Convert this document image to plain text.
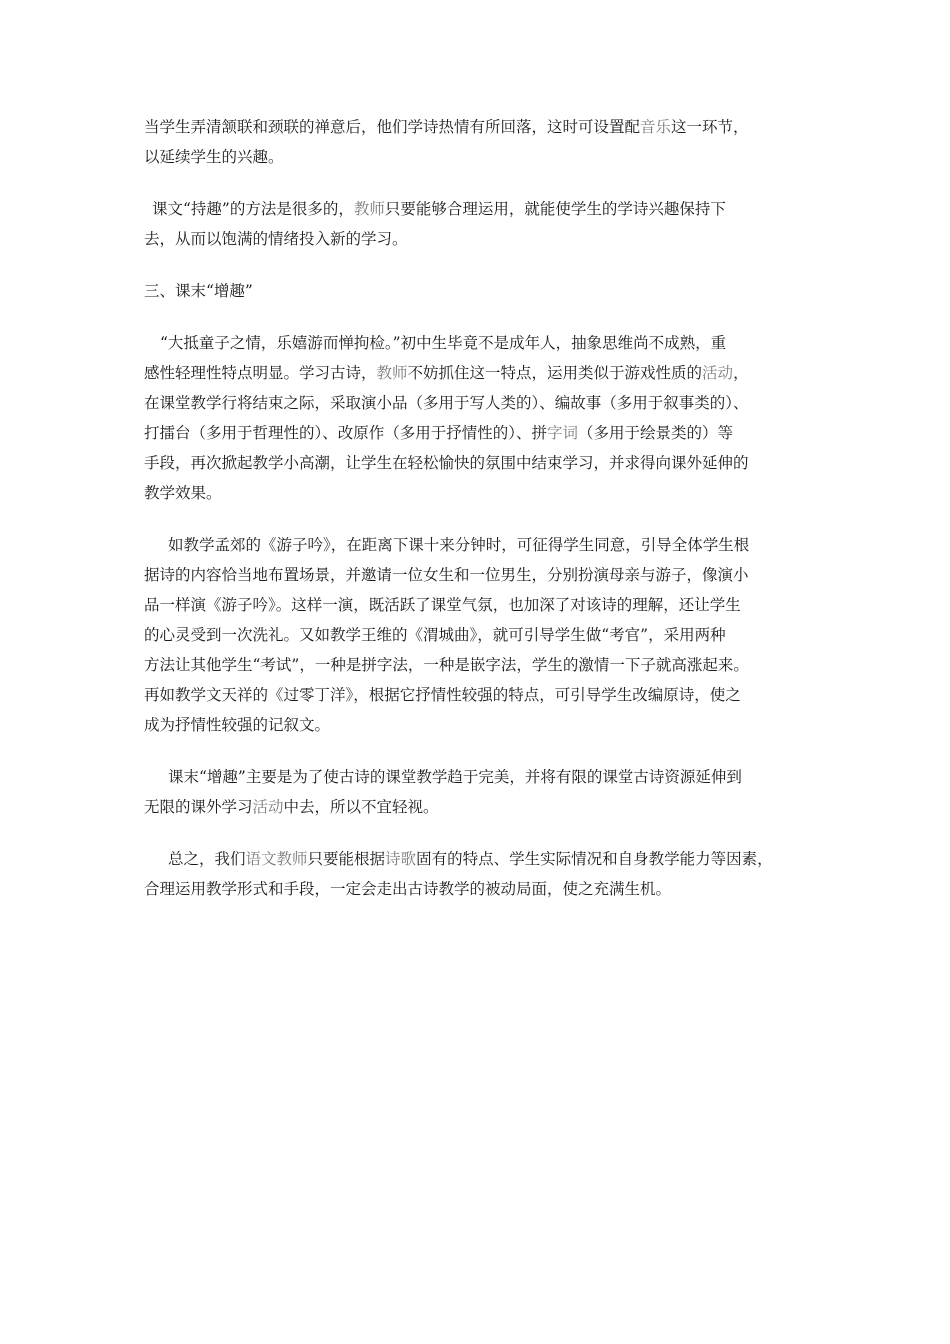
当学生弄清颔联和颈联的禅意后，他们学诗热情有所回落，这时可设置配音乐这一环节，
以延续学生的兴趣。
课文“持趣”的方法是很多的，教师只要能够合理运用，就能使学生的学诗兴趣保持下
去，从而以饱满的情绪投入新的学习。
三、课末“增趣”
“大抵童子之情，乐嬉游而惮拘检。”初中生毕竟不是成年人，抽象思维尚不成熟，重
感性轻理性特点明显。学习古诗，教师不妨抓住这一特点，运用类似于游戏性质的活动，
在课堂教学行将结束之际，采取演小品（多用于写人类的）、编故事（多用于叙事类的）、
打擂台（多用于哲理性的）、改原作（多用于抒情性的）、拼字词（多用于绘景类的）等
手段，再次掀起教学小高潮，让学生在轻松愉快的氛围中结束学习，并求得向课外延伸的
教学效果。
如教学孟郊的《游子吟》，在距离下课十来分钟时，可征得学生同意，引导全体学生根
据诗的内容恰当地布置场景，并邀请一位女生和一位男生，分别扮演母亲与游子，像演小
品一样演《游子吟》。这样一演，既活跃了课堂气氛，也加深了对该诗的理解，还让学生
的心灵受到一次洗礼。又如教学王维的《渭城曲》，就可引导学生做“考官”，采用两种
方法让其他学生“考试”，一种是拼字法，一种是嵌字法，学生的激情一下子就高涨起来。
再如教学文天祥的《过零丁洋》，根据它抒情性较强的特点，可引导学生改编原诗，使之
成为抒情性较强的记叙文。
课末“增趣”主要是为了使古诗的课堂教学趋于完美，并将有限的课堂古诗资源延伸到
无限的课外学习活动中去，所以不宜轻视。
总之，我们语文教师只要能根据诗歌固有的特点、学生实际情况和自身教学能力等因素，
合理运用教学形式和手段，一定会走出古诗教学的被动局面，使之充满生机。
